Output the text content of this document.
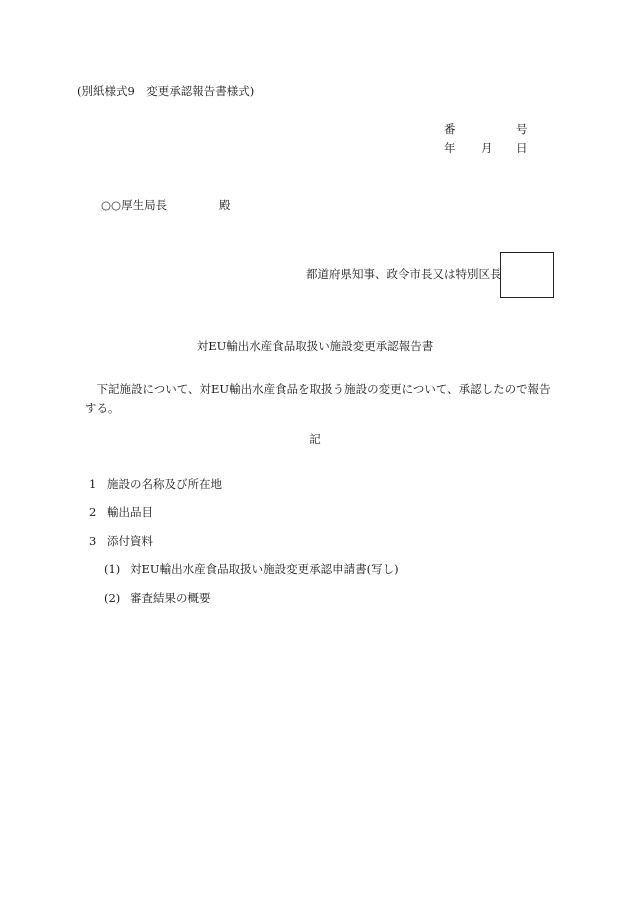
(別紙様式9　変更承認報告書様式)
番	号
年 月 日
○○厚生局長	殿
都道府県知事、政令市長又は特別区長
対EU輸出水産食品取扱い施設変更承認報告書
下記施設について、対EU輸出水産食品を取扱う施設の変更について、承認したので報告する。
記
1 施設の名称及び所在地
2 輸出品目
3 添付資料
(1) 対EU輸出水産食品取扱い施設変更承認申請書(写し)
(2) 審査結果の概要
